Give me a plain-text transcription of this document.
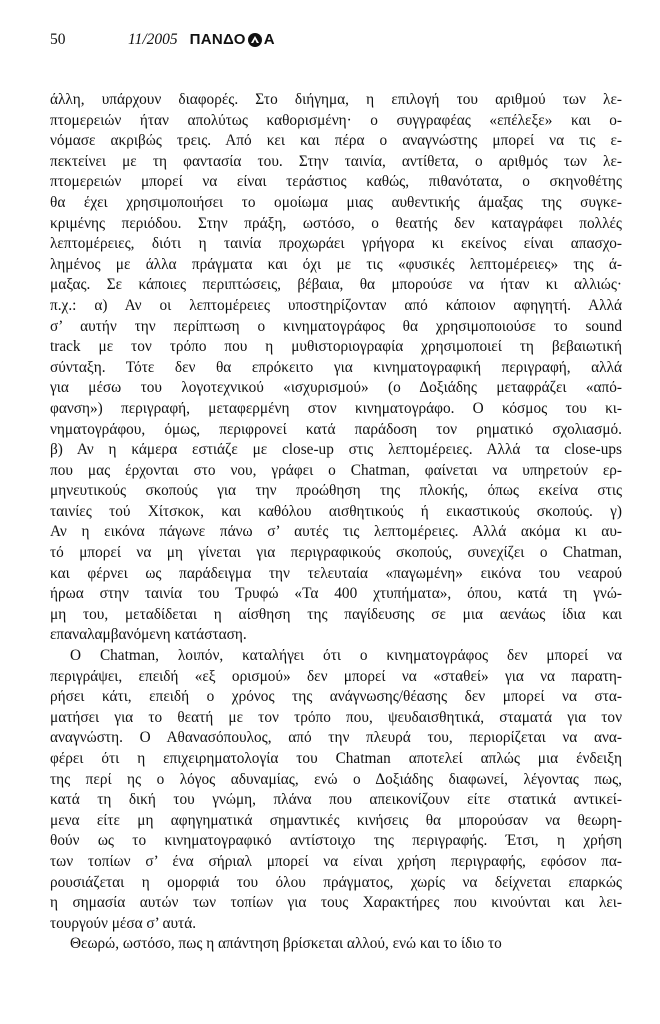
50	11/2005 ΠΑΝΔΟ Α
άλλη, υπάρχουν διαφορές. Στο διήγημα, η επιλογή του αριθμού των λε-
πτομερειών ήταν απολύτως καθορισμένη· ο συγγραφέας «επέλεξε» και ο-
νόμασε ακριβώς τρεις. Από κει και πέρα ο αναγνώστης μπορεί να τις ε-
πεκτείνει με τη φαντασία του. Στην ταινία, αντίθετα, ο αριθμός των λε-
πτομερειών μπορεί να είναι τεράστιος καθώς, πιθανότατα, ο σκηνοθέτης
θα έχει χρησιμοποιήσει το ομοίωμα μιας αυθεντικής άμαξας της συγκε-
κριμένης περιόδου. Στην πράξη, ωστόσο, ο θεατής δεν καταγράφει πολλές
λεπτομέρειες, διότι η ταινία προχωράει γρήγορα κι εκείνος είναι απασχο-
λημένος με άλλα πράγματα και όχι με τις «φυσικές λεπτομέρειες» της ά-
μαξας. Σε κάποιες περιπτώσεις, βέβαια, θα μπορούσε να ήταν κι αλλιώς·
π.χ.: α) Αν οι λεπτομέρειες υποστηρίζονταν από κάποιον αφηγητή. Αλλά
σ’ αυτήν την περίπτωση ο κινηματογράφος θα χρησιμοποιούσε το sound
track με τον τρόπο που η μυθιστοριογραφία χρησιμοποιεί τη βεβαιωτική
σύνταξη. Τότε δεν θα επρόκειτο για κινηματογραφική περιγραφή, αλλά
για μέσω του λογοτεχνικού «ισχυρισμού» (ο Δοξιάδης μεταφράζει «από-
φανση») περιγραφή, μεταφερμένη στον κινηματογράφο. Ο κόσμος του κι-
νηματογράφου, όμως, περιφρονεί κατά παράδοση τον ρηματικό σχολιασμό.
β) Αν η κάμερα εστιάζε με close-up στις λεπτομέρειες. Αλλά τα close-ups
που μας έρχονται στο νου, γράφει ο Chatman, φαίνεται να υπηρετούν ερ-
μηνευτικούς σκοπούς για την προώθηση της πλοκής, όπως εκείνα στις
ταινίες τού Χίτσκοκ, και καθόλου αισθητικούς ή εικαστικούς σκοπούς. γ)
Αν η εικόνα πάγωνε πάνω σ’ αυτές τις λεπτομέρειες. Αλλά ακόμα κι αυ-
τό μπορεί να μη γίνεται για περιγραφικούς σκοπούς, συνεχίζει ο Chatman,
και φέρνει ως παράδειγμα την τελευταία «παγωμένη» εικόνα του νεαρού
ήρωα στην ταινία του Τρυφώ «Τα 400 χτυπήματα», όπου, κατά τη γνώ-
μη του, μεταδίδεται η αίσθηση της παγίδευσης σε μια αενάως ίδια και
επαναλαμβανόμενη κατάσταση.
Ο Chatman, λοιπόν, καταλήγει ότι ο κινηματογράφος δεν μπορεί να
περιγράψει, επειδή «εξ ορισμού» δεν μπορεί να «σταθεί» για να παρατη-
ρήσει κάτι, επειδή ο χρόνος της ανάγνωσης/θέασης δεν μπορεί να στα-
ματήσει για το θεατή με τον τρόπο που, ψευδαισθητικά, σταματά για τον
αναγνώστη. Ο Αθανασόπουλος, από την πλευρά του, περιορίζεται να ανα-
φέρει ότι η επιχειρηματολογία του Chatman αποτελεί απλώς μια ένδειξη
της περί ης ο λόγος αδυναμίας, ενώ ο Δοξιάδης διαφωνεί, λέγοντας πως,
κατά τη δική του γνώμη, πλάνα που απεικονίζουν είτε στατικά αντικεί-
μενα είτε μη αφηγηματικά σημαντικές κινήσεις θα μπορούσαν να θεωρη-
θούν ως το κινηματογραφικό αντίστοιχο της περιγραφής. Έτσι, η χρήση
των τοπίων σ’ ένα σήριαλ μπορεί να είναι χρήση περιγραφής, εφόσον πα-
ρουσιάζεται η ομορφιά του όλου πράγματος, χωρίς να δείχνεται επαρκώς
η σημασία αυτών των τοπίων για τους Χαρακτήρες που κινούνται και λει-
τουργούν μέσα σ’ αυτά.
Θεωρώ, ωστόσο, πως η απάντηση βρίσκεται αλλού, ενώ και το ίδιο το
